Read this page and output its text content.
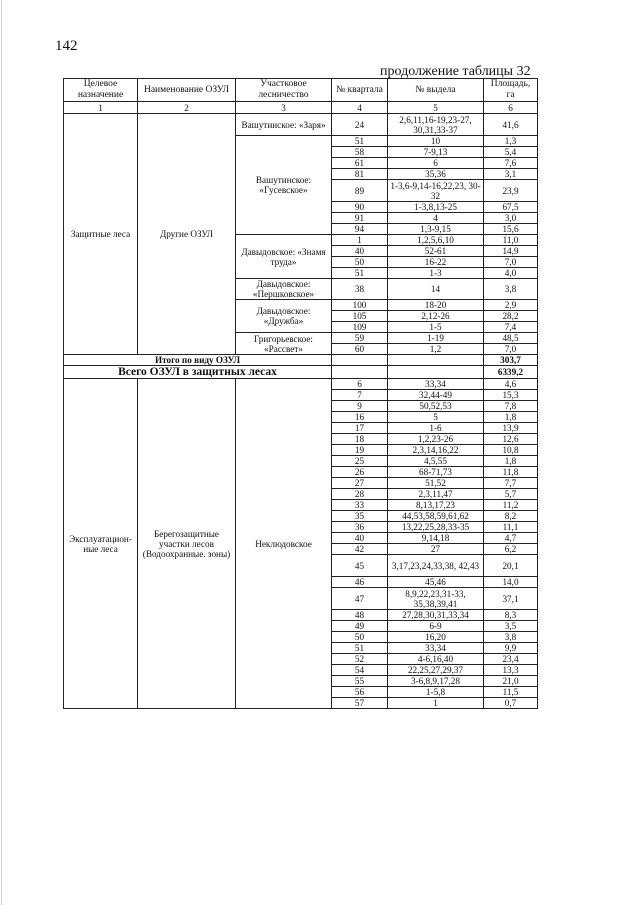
142
продолжение таблицы 32
Целевое назначение	Наименование ОЗУЛ	Участковое лесничество	№ квартала	№ выдела	Площадь, га
1	2	3	4	5	6
Защитные леса	Другие ОЗУЛ	Вашутинское: «Заря»	24	2,6,11,16-19,23-27, 30,31,33-37	41,6
		Вашутинское: «Гусевское»	51	10	1,3
			58	7-9,13	5,4
			61	6	7,6
			81	35,36	3,1
			89	1-3,6-9,14-16,22,23, 30-32	23,9
			90	1-3,8,13-25	67,5
			91	4	3,0
			94	1,3-9,15	15,6
		Давыдовское: «Знамя труда»	1	1,2,5,6,10	11,0
			40	52-61	14,9
			50	16-22	7,0
			51	1-3	4,0
		Давыдовское: «Першковское»	38	14	3,8
		Давыдовское: «Дружба»	100	18-20	2,9
			105	2,12-26	28,2
			109	1-5	7,4
		Григорьевское: «Рассвет»	59	1-19	48,5
			60	1,2	7,0
Итого по виду ОЗУЛ					303,7
Всего ОЗУЛ в защитных лесах					6339,2
Эксплуатацион-ные леса	Берегозащитные участки лесов (Водоохранные. зоны)	Неклюдовское	6	33,34	4,6
			7	32,44-49	15,3
			9	50,52,53	7,8
			16	5	1,8
			17	1-6	13,9
			18	1,2,23-26	12,6
			19	2,3,14,16,22	10,8
			25	4,5,55	1,8
			26	68-71,73	11,8
			27	51,52	7,7
			28	2,3,11,47	5,7
			33	8,13,17,23	11,2
			35	44,53,58,59,61,62	8,2
			36	13,22,25,28,33-35	11,1
			40	9,14,18	4,7
			42	27	6,2
			45	3,17,23,24,33,38, 42,43	20,1
			46	45,46	14,0
			47	8,9,22,23,31-33, 35,38,39,41	37,1
			48	27,28,30,31,33,34	8,3
			49	6-9	3,5
			50	16,20	3,8
			51	33,34	9,9
			52	4-6,16,40	23,4
			54	22,25,27,29,37	13,3
			55	3-6,8,9,17,28	21,0
			56	1-5,8	11,5
			57	1	0,7
